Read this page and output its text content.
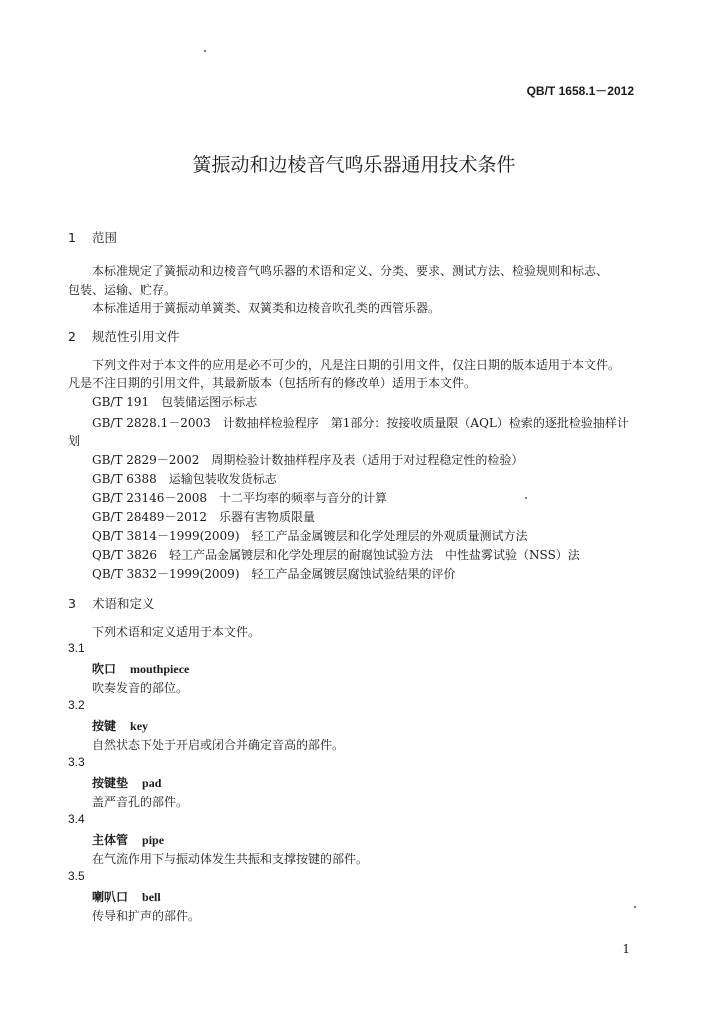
QB/T 1658.1－2012
簧振动和边棱音气鸣乐器通用技术条件
1 范围
本标准规定了簧振动和边棱音气鸣乐器的术语和定义、分类、要求、测试方法、检验规则和标志、
包装、运输、贮存。
本标准适用于簧振动单簧类、双簧类和边棱音吹孔类的西管乐器。
2 规范性引用文件
下列文件对于本文件的应用是必不可少的，凡是注日期的引用文件，仅注日期的版本适用于本文件。
凡是不注日期的引用文件，其最新版本（包括所有的修改单）适用于本文件。
GB/T 191　包装储运图示标志
GB/T 2828.1－2003　计数抽样检验程序　第1部分：按接收质量限（AQL）检索的逐批检验抽样计
划
GB/T 2829－2002　周期检验计数抽样程序及表（适用于对过程稳定性的检验）
GB/T 6388　运输包装收发货标志
GB/T 23146－2008　十二平均率的频率与音分的计算
GB/T 28489－2012　乐器有害物质限量
QB/T 3814－1999(2009)　轻工产品金属镀层和化学处理层的外观质量测试方法
QB/T 3826　轻工产品金属镀层和化学处理层的耐腐蚀试验方法　中性盐雾试验（NSS）法
QB/T 3832－1999(2009)　轻工产品金属镀层腐蚀试验结果的评价
3 术语和定义
下列术语和定义适用于本文件。
3.1
吹口 mouthpiece
吹奏发音的部位。
3.2
按键 key
自然状态下处于开启或闭合并确定音高的部件。
3.3
按键垫 pad
盖严音孔的部件。
3.4
主体管 pipe
在气流作用下与振动体发生共振和支撑按键的部件。
3.5
喇叭口 bell
传导和扩声的部件。
1
